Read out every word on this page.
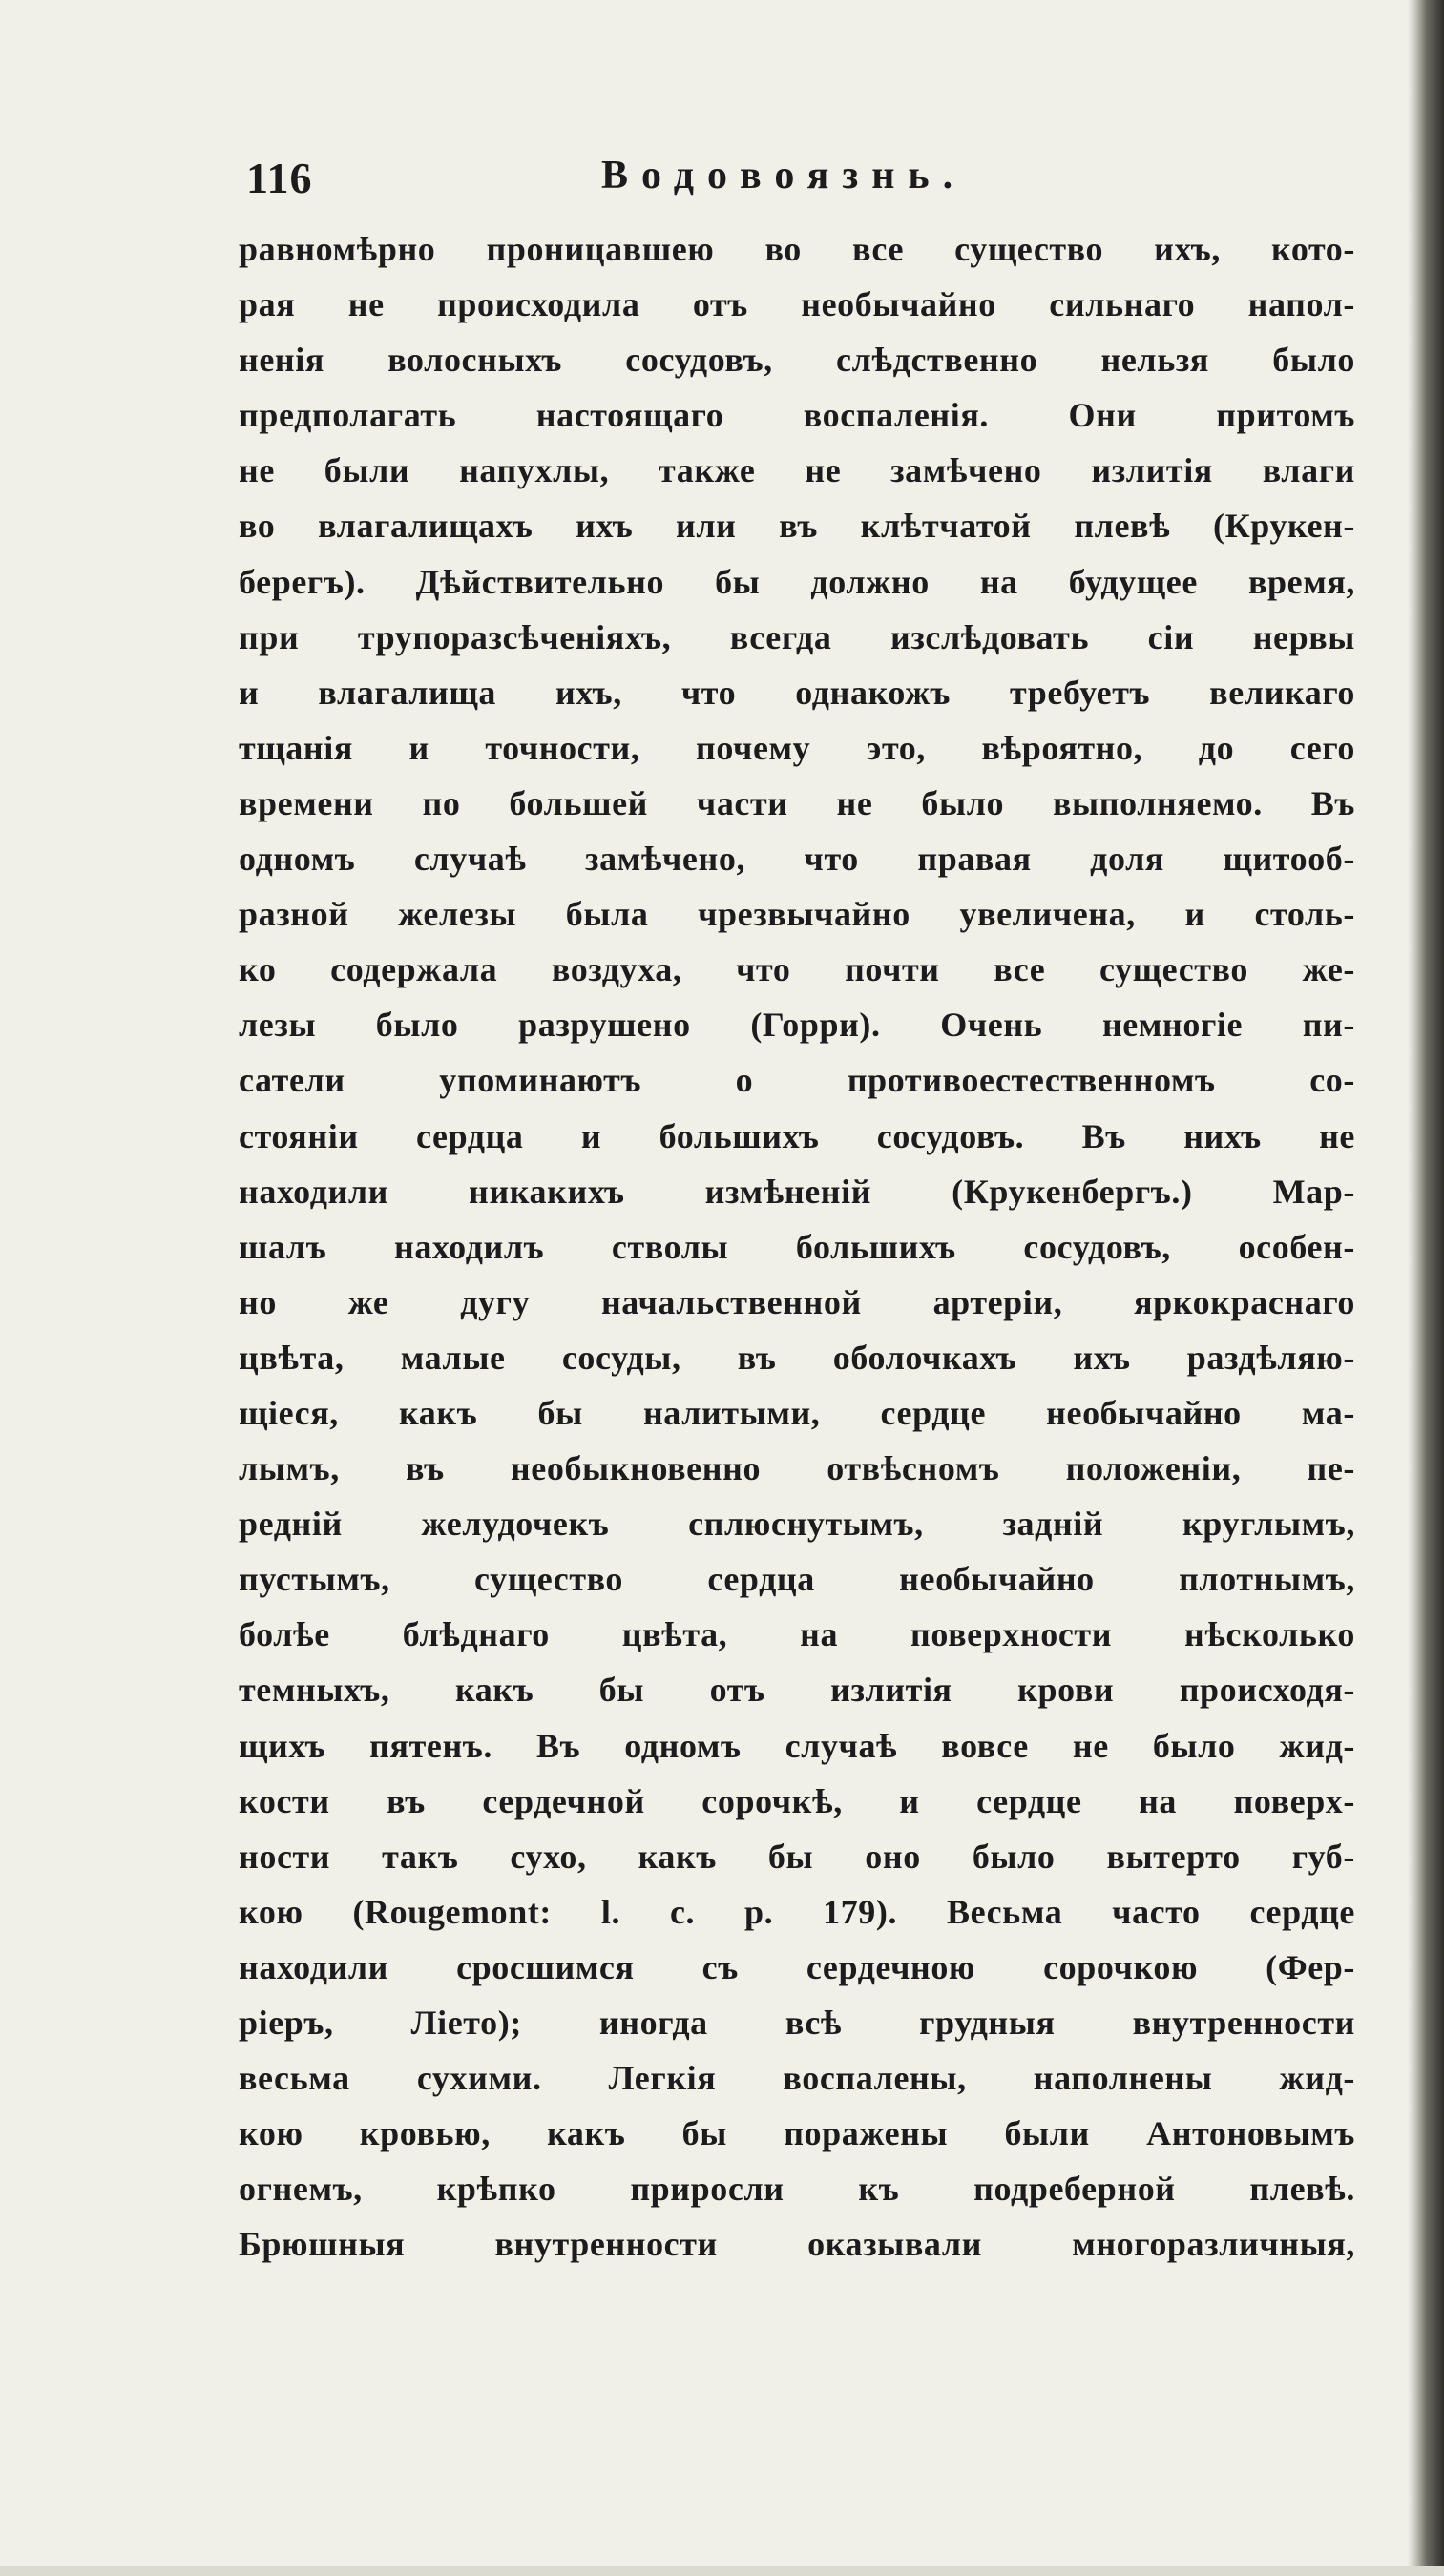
116	Водовоязнь.
равномѣрно проницавшею во все существо ихъ, кото-
рая не происходила отъ необычайно сильнаго напол-
ненія волосныхъ сосудовъ, слѣдственно нельзя было
предполагать настоящаго воспаленія. Они притомъ
не были напухлы, также не замѣчено излитія влаги
во влагалищахъ ихъ или въ клѣтчатой плевѣ (Крукен-
берегъ). Дѣйствительно бы должно на будущее время,
при трупоразсѣченіяхъ, всегда изслѣдовать сіи нервы
и влагалища ихъ, что однакожъ требуетъ великаго
тщанія и точности, почему это, вѣроятно, до сего
времени по большей части не было выполняемо. Въ
одномъ случаѣ замѣчено, что правая доля щитооб-
разной железы была чрезвычайно увеличена, и столь-
ко содержала воздуха, что почти все существо же-
лезы было разрушено (Горри). Очень немногіе пи-
сатели упоминаютъ о противоестественномъ со-
стояніи сердца и большихъ сосудовъ. Въ нихъ не
находили никакихъ измѣненій (Крукенбергъ.) Мар-
шалъ находилъ стволы большихъ сосудовъ, особен-
но же дугу начальственной артеріи, яркокраснаго
цвѣта, малые сосуды, въ оболочкахъ ихъ раздѣляю-
щіеся, какъ бы налитыми, сердце необычайно ма-
лымъ, въ необыкновенно отвѣсномъ положеніи, пе-
редній желудочекъ сплюснутымъ, задній круглымъ,
пустымъ, существо сердца необычайно плотнымъ,
болѣе блѣднаго цвѣта, на поверхности нѣсколько
темныхъ, какъ бы отъ излитія крови происходя-
щихъ пятенъ. Въ одномъ случаѣ вовсе не было жид-
кости въ сердечной сорочкѣ, и сердце на поверх-
ности такъ сухо, какъ бы оно было вытерто губ-
кою (Rougemont: l. c. p. 179). Весьма часто сердце
находили сросшимся съ сердечною сорочкою (Фер-
ріеръ, Ліето); иногда всѣ грудныя внутренности
весьма сухими. Легкія воспалены, наполнены жид-
кою кровью, какъ бы поражены были Антоновымъ
огнемъ, крѣпко приросли къ подреберной плевѣ.
Брюшныя внутренности оказывали многоразличныя,
